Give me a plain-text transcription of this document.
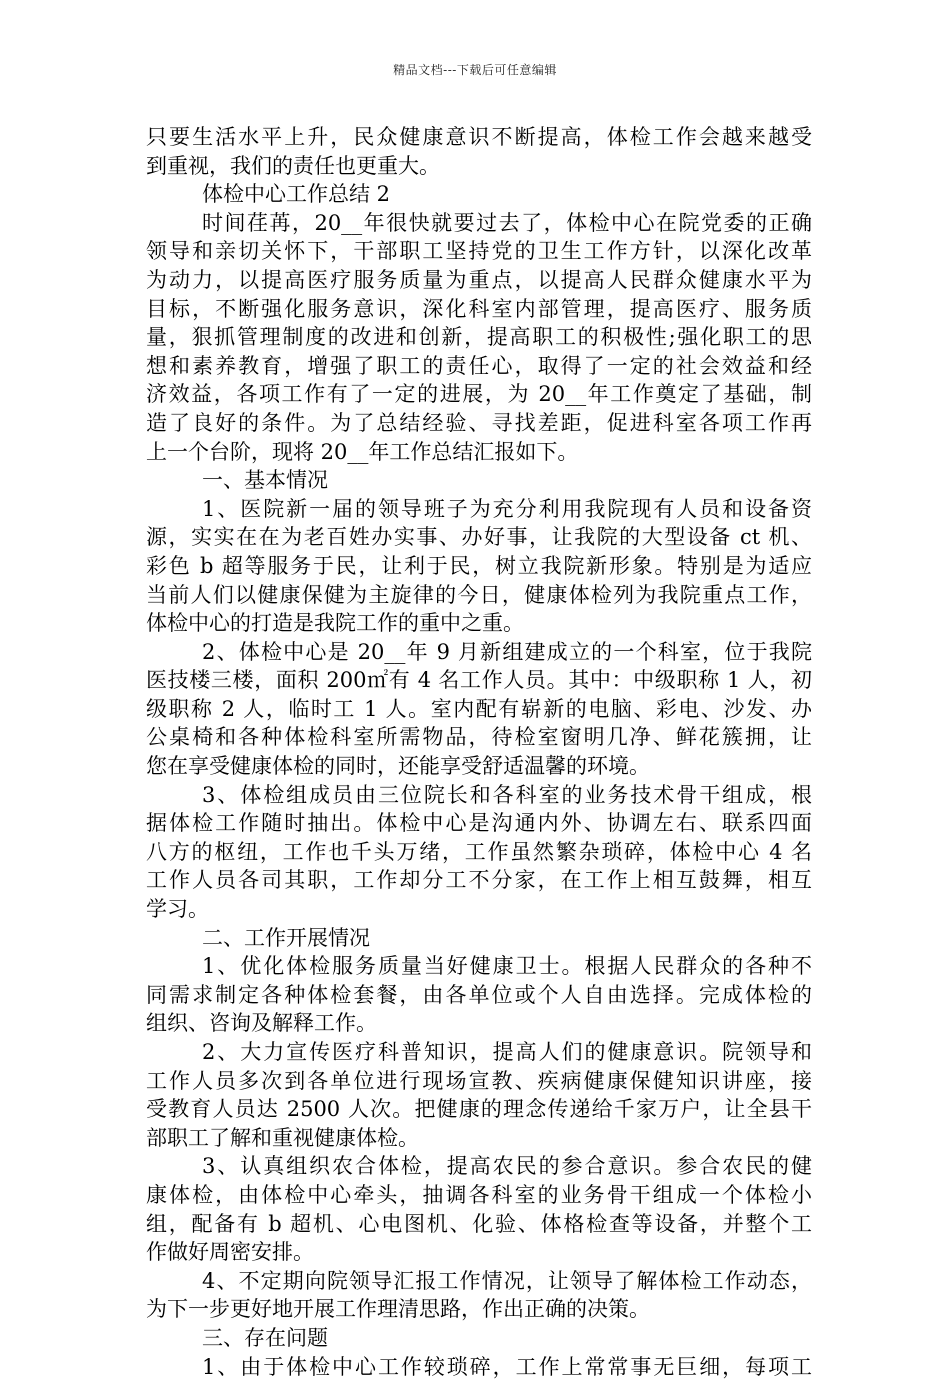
精品文档---下载后可任意编辑
只要生活水平上升，民众健康意识不断提高，体检工作会越来越受
到重视，我们的责任也更重大。
体检中心工作总结 2
时间荏苒，20__年很快就要过去了，体检中心在院党委的正确
领导和亲切关怀下，干部职工坚持党的卫生工作方针，以深化改革
为动力，以提高医疗服务质量为重点，以提高人民群众健康水平为
目标，不断强化服务意识，深化科室内部管理，提高医疗、服务质
量，狠抓管理制度的改进和创新，提高职工的积极性;强化职工的思
想和素养教育，增强了职工的责任心，取得了一定的社会效益和经
济效益，各项工作有了一定的进展，为 20__年工作奠定了基础，制
造了良好的条件。为了总结经验、寻找差距，促进科室各项工作再
上一个台阶，现将 20__年工作总结汇报如下。
一、基本情况
1、医院新一届的领导班子为充分利用我院现有人员和设备资
源，实实在在为老百姓办实事、办好事，让我院的大型设备 ct 机、
彩色 b 超等服务于民，让利于民，树立我院新形象。特别是为适应
当前人们以健康保健为主旋律的今日，健康体检列为我院重点工作，
体检中心的打造是我院工作的重中之重。
2、体检中心是 20__年 9 月新组建成立的一个科室，位于我院
医技楼三楼，面积 200㎡有 4 名工作人员。其中：中级职称 1 人，初
级职称 2 人，临时工 1 人。室内配有崭新的电脑、彩电、沙发、办
公桌椅和各种体检科室所需物品，待检室窗明几净、鲜花簇拥，让
您在享受健康体检的同时，还能享受舒适温馨的环境。
3、体检组成员由三位院长和各科室的业务技术骨干组成，根
据体检工作随时抽出。体检中心是沟通内外、协调左右、联系四面
八方的枢纽，工作也千头万绪，工作虽然繁杂琐碎，体检中心 4 名
工作人员各司其职，工作却分工不分家，在工作上相互鼓舞，相互
学习。
二、工作开展情况
1、优化体检服务质量当好健康卫士。根据人民群众的各种不
同需求制定各种体检套餐，由各单位或个人自由选择。完成体检的
组织、咨询及解释工作。
2、大力宣传医疗科普知识，提高人们的健康意识。院领导和
工作人员多次到各单位进行现场宣教、疾病健康保健知识讲座，接
受教育人员达 2500 人次。把健康的理念传递给千家万户，让全县干
部职工了解和重视健康体检。
3、认真组织农合体检，提高农民的参合意识。参合农民的健
康体检，由体检中心牵头，抽调各科室的业务骨干组成一个体检小
组，配备有 b 超机、心电图机、化验、体格检查等设备，并整个工
作做好周密安排。
4、不定期向院领导汇报工作情况，让领导了解体检工作动态，
为下一步更好地开展工作理清思路，作出正确的决策。
三、存在问题
1、由于体检中心工作较琐碎，工作上常常事无巨细，每项工
